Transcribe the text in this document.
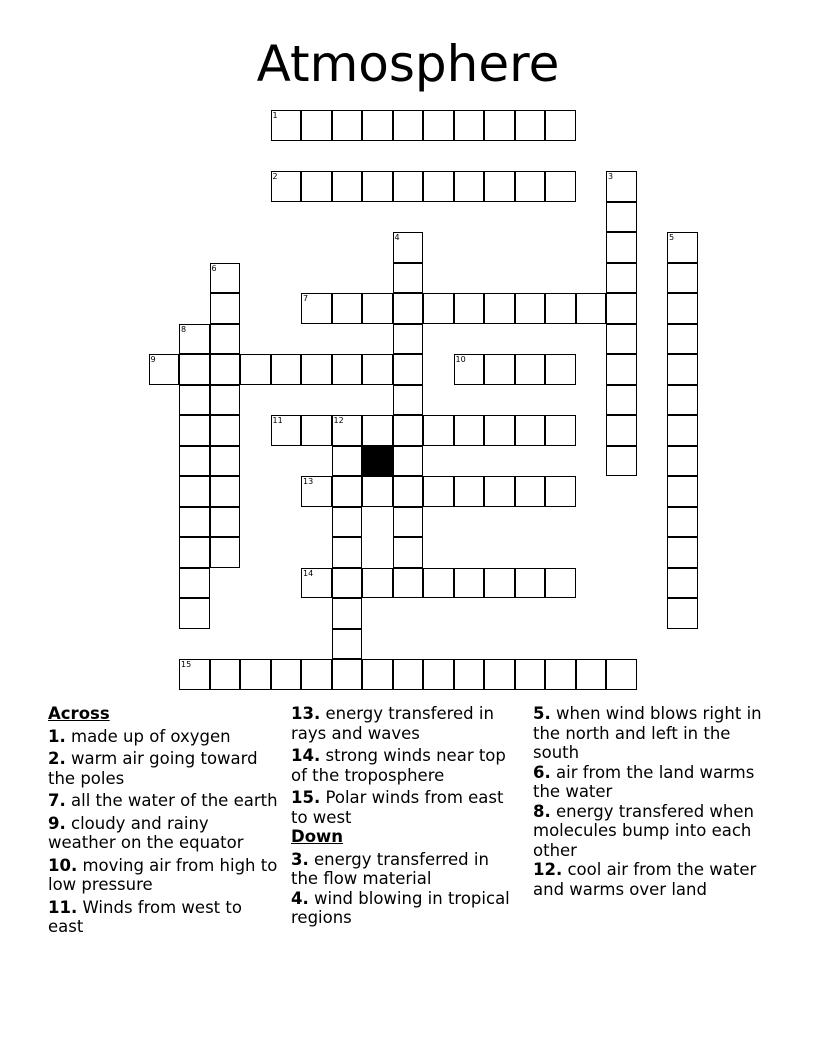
Atmosphere
1
2	3
4	5
6
7
8
9	10
11	12
13
14
15
Across

1. made up of oxygen

2. warm air going toward the poles

7. all the water of the earth

9. cloudy and rainy weather on the equator

10. moving air from high to low pressure

11. Winds from west to east

13. energy transfered in rays and waves

14. strong winds near top of the troposphere

15. Polar winds from east to west

Down

3. energy transferred in the flow material

4. wind blowing in tropical regions

5. when wind blows right in the north and left in the south

6. air from the land warms the water

8. energy transfered when molecules bump into each other

12. cool air from the water and warms over land
